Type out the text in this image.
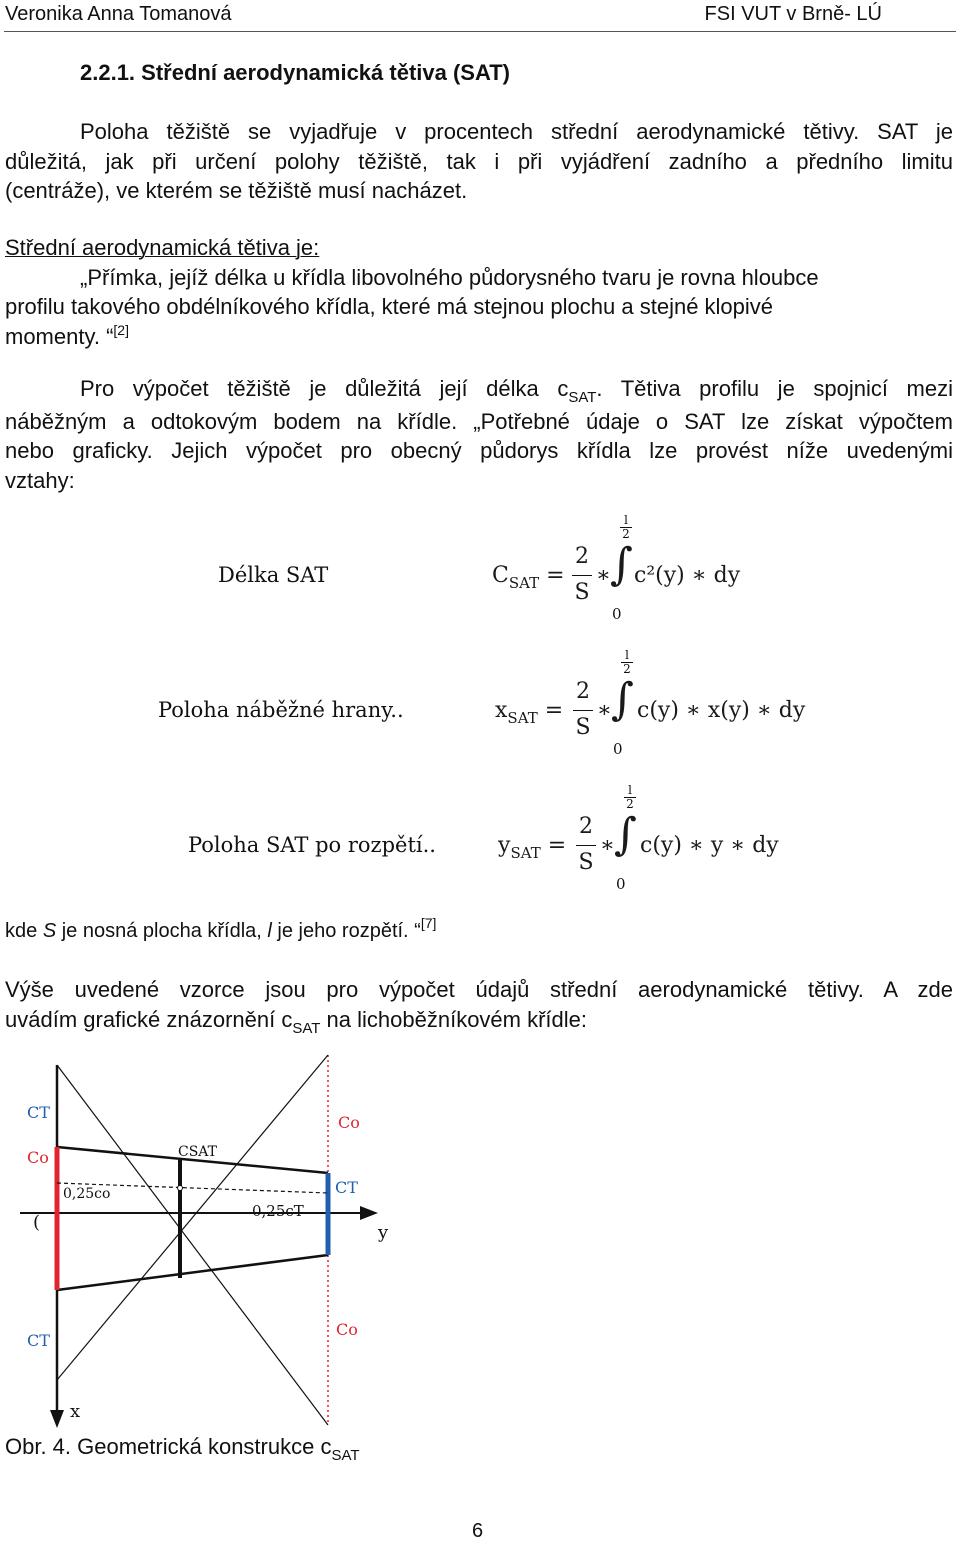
Veronika Anna Tomanová	FSI VUT v Brně- LÚ
2.2.1. Střední aerodynamická tětiva (SAT)
Poloha těžiště se vyjadřuje v procentech střední aerodynamické tětivy. SAT je
důležitá, jak při určení polohy těžiště, tak i při vyjádření zadního a předního limitu
(centráže), ve kterém se těžiště musí nacházet.
Střední aerodynamická tětiva je:
„Přímka, jejíž délka u křídla libovolného půdorysného tvaru je rovna hloubce
profilu takového obdélníkového křídla, které má stejnou plochu a stejné klopivé
momenty. “[2]
Pro výpočet těžiště je důležitá její délka $c_{SAT}$. Tětiva profilu je spojnicí mezi
náběžným a odtokovým bodem na křídle. „Potřebné údaje o SAT lze získat výpočtem
nebo graficky. Jejich výpočet pro obecný půdorys křídla lze provést níže uvedenými
vztahy:
Délka SAT	$C_{SAT}$ =
2
S
∗ ∫
l
2
0
c²(y) ∗ dy
Poloha náběžné hrany..	$x_{SAT}$ =
2
S
∗ ∫
l
2
0
c(y) ∗ x(y) ∗ dy
Poloha SAT po rozpětí..	$y_{SAT}$ =
2
S
∗ ∫
l
2
0
c(y) ∗ y ∗ dy
kde S je nosná plocha křídla, l je jeho rozpětí. “[7]
Výše uvedené vzorce jsou pro výpočet údajů střední aerodynamické tětivy. A zde
uvádím grafické znázornění $c_{SAT}$ na lichoběžníkovém křídle:
CT
Co	CSAT
Co
0,25co	CT
0,25cT
(	y
CT
Co
x
Obr. 4. Geometrická konstrukce $c_{SAT}$
6
